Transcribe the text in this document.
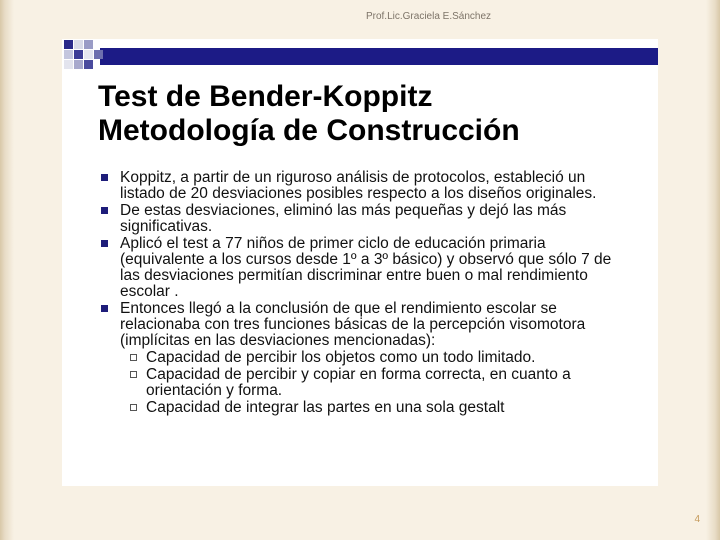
Prof.Lic.Graciela E.Sánchez
Test de Bender-Koppitz
Metodología de Construcción
Koppitz, a partir de un riguroso análisis de protocolos, estableció un listado de 20 desviaciones posibles respecto a los diseños originales.
De estas desviaciones, eliminó las más pequeñas y dejó las más significativas.
Aplicó el test a 77 niños de primer ciclo de educación primaria (equivalente a los cursos desde 1º a 3º básico) y observó que sólo 7 de las desviaciones permitían discriminar entre buen o mal rendimiento escolar .
Entonces llegó a la conclusión de que el rendimiento escolar se relacionaba con tres funciones básicas de la percepción visomotora (implícitas en las desviaciones mencionadas):
Capacidad de percibir los objetos como un todo limitado.
Capacidad de percibir y copiar en forma correcta, en cuanto a orientación y forma.
Capacidad de integrar las partes en una sola gestalt
4
